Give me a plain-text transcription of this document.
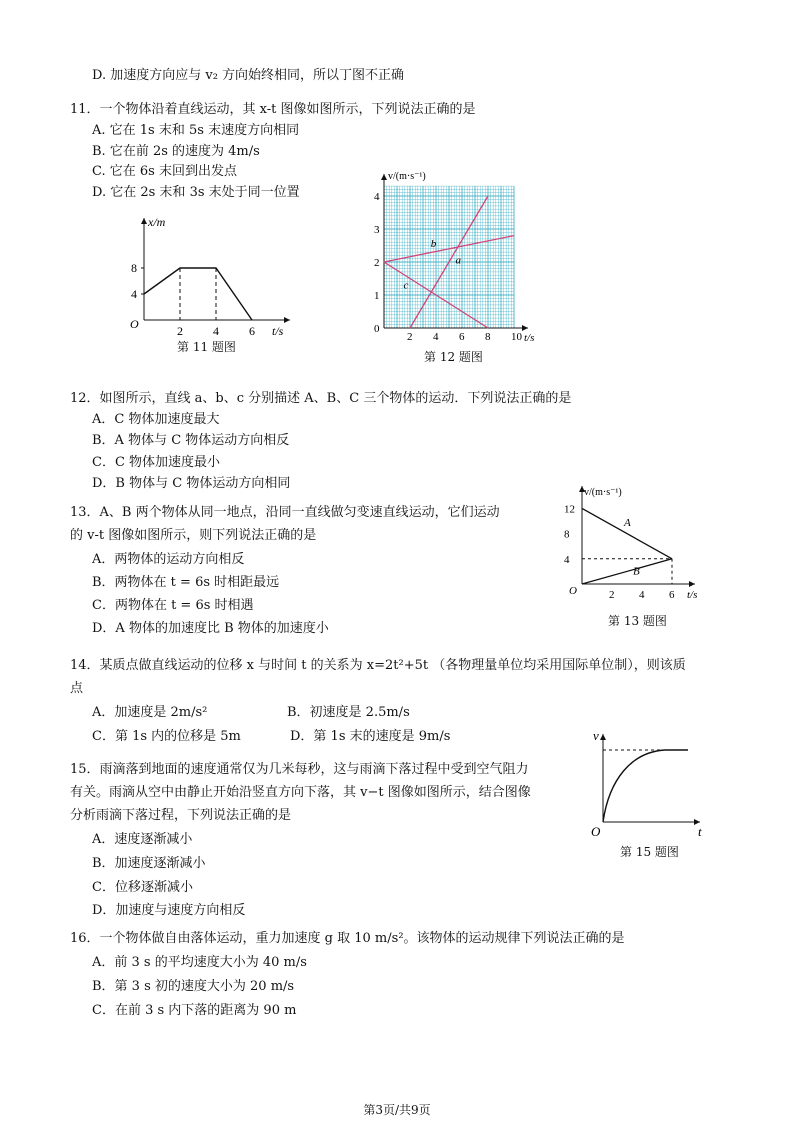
D. 加速度方向应与 v₂ 方向始终相同，所以丁图不正确
11．一个物体沿着直线运动，其 x-t 图像如图所示，下列说法正确的是
A. 它在 1s 末和 5s 末速度方向相同
B. 它在前 2s 的速度为 4m/s
C. 它在 6s 末回到出发点
D. 它在 2s 末和 3s 末处于同一位置
4
8
2	4	6
x/m
t/s
O
第 11 题图
b
a
c
1
2
3
4
2 4 6 8 10
v/(m·s⁻¹)
t/s
0
第 12 题图
12．如图所示，直线 a、b、c 分别描述 A、B、C 三个物体的运动．下列说法正确的是
A．C 物体加速度最大
B．A 物体与 C 物体运动方向相反
C．C 物体加速度最小
D．B 物体与 C 物体运动方向相同
13．A、B 两个物体从同一地点，沿同一直线做匀变速直线运动，它们运动
的 v-t 图像如图所示，则下列说法正确的是
A．两物体的运动方向相反
B．两物体在 t = 6s 时相距最远
C．两物体在 t = 6s 时相遇
D．A 物体的加速度比 B 物体的加速度小
A
B
4
8
12
2 4 6
v/(m·s⁻¹)
t/s
O
第 13 题图
14．某质点做直线运动的位移 x 与时间 t 的关系为 x=2t²+5t （各物理量单位均采用国际单位制），则该质
点
A．加速度是 2m/s²	B．初速度是 2.5m/s
C．第 1s 内的位移是 5m	D．第 1s 末的速度是 9m/s
15．雨滴落到地面的速度通常仅为几米每秒，这与雨滴下落过程中受到空气阻力
有关。雨滴从空中由静止开始沿竖直方向下落，其 v−t 图像如图所示，结合图像
分析雨滴下落过程，下列说法正确的是
A．速度逐渐减小
B．加速度逐渐减小
C．位移逐渐减小
D．加速度与速度方向相反
v
t
O
第 15 题图
16．一个物体做自由落体运动，重力加速度 g 取 10 m/s²。该物体的运动规律下列说法正确的是
A．前 3 s 的平均速度大小为 40 m/s
B．第 3 s 初的速度大小为 20 m/s
C．在前 3 s 内下落的距离为 90 m
第3页/共9页
